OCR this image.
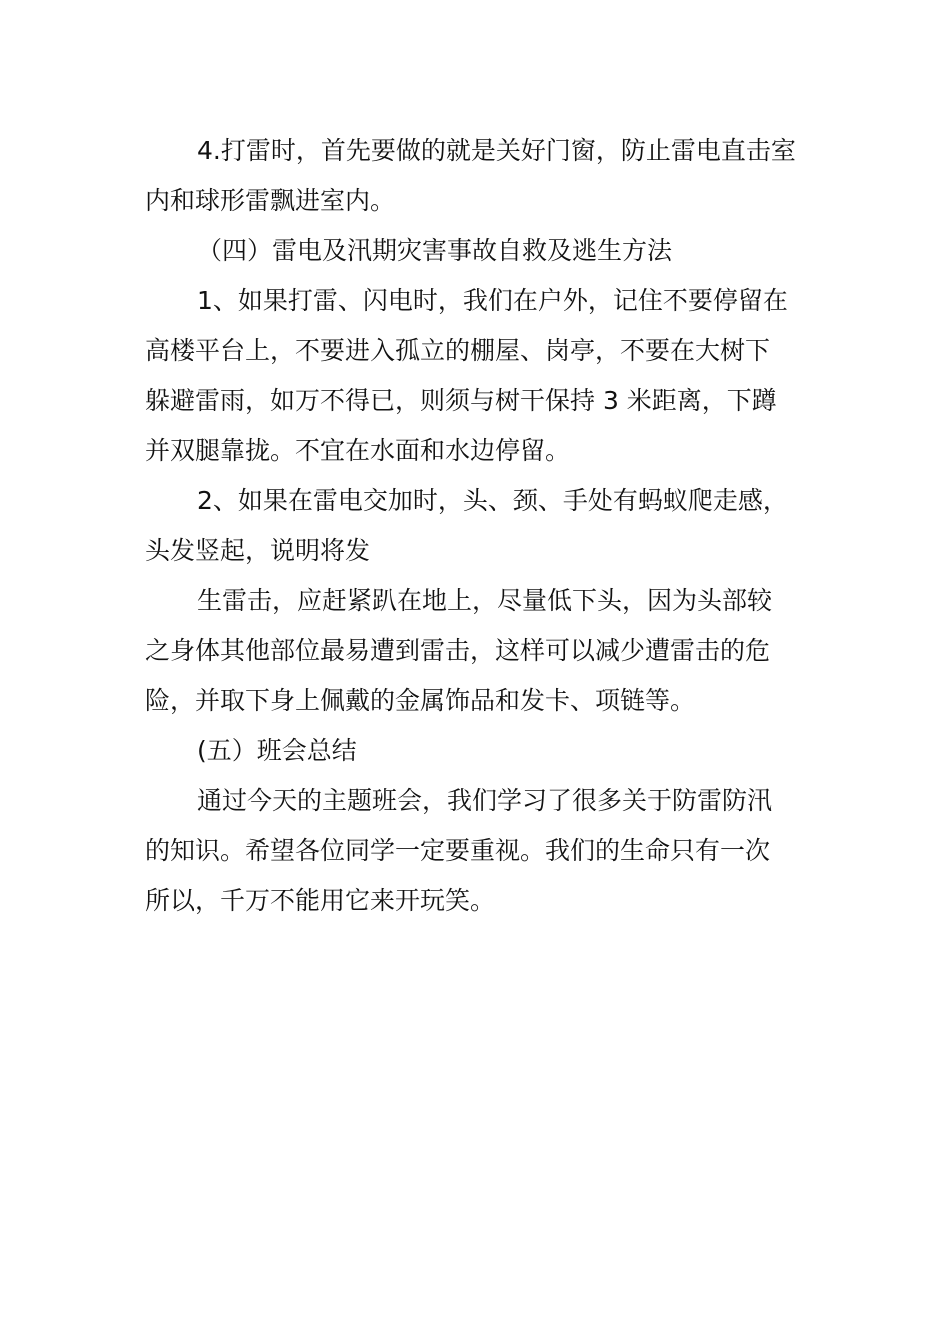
4.打雷时，首先要做的就是关好门窗，防止雷电直击室

内和球形雷飘进室内。

（四）雷电及汛期灾害事故自救及逃生方法

1、如果打雷、闪电时，我们在户外，记住不要停留在

高楼平台上，不要进入孤立的棚屋、岗亭，不要在大树下

躲避雷雨，如万不得已，则须与树干保持 3 米距离，下蹲

并双腿靠拢。不宜在水面和水边停留。

2、如果在雷电交加时，头、颈、手处有蚂蚁爬走感，

头发竖起，说明将发

生雷击，应赶紧趴在地上，尽量低下头，因为头部较

之身体其他部位最易遭到雷击，这样可以减少遭雷击的危

险，并取下身上佩戴的金属饰品和发卡、项链等。

(五）班会总结

通过今天的主题班会，我们学习了很多关于防雷防汛

的知识。希望各位同学一定要重视。我们的生命只有一次

所以，千万不能用它来开玩笑。
